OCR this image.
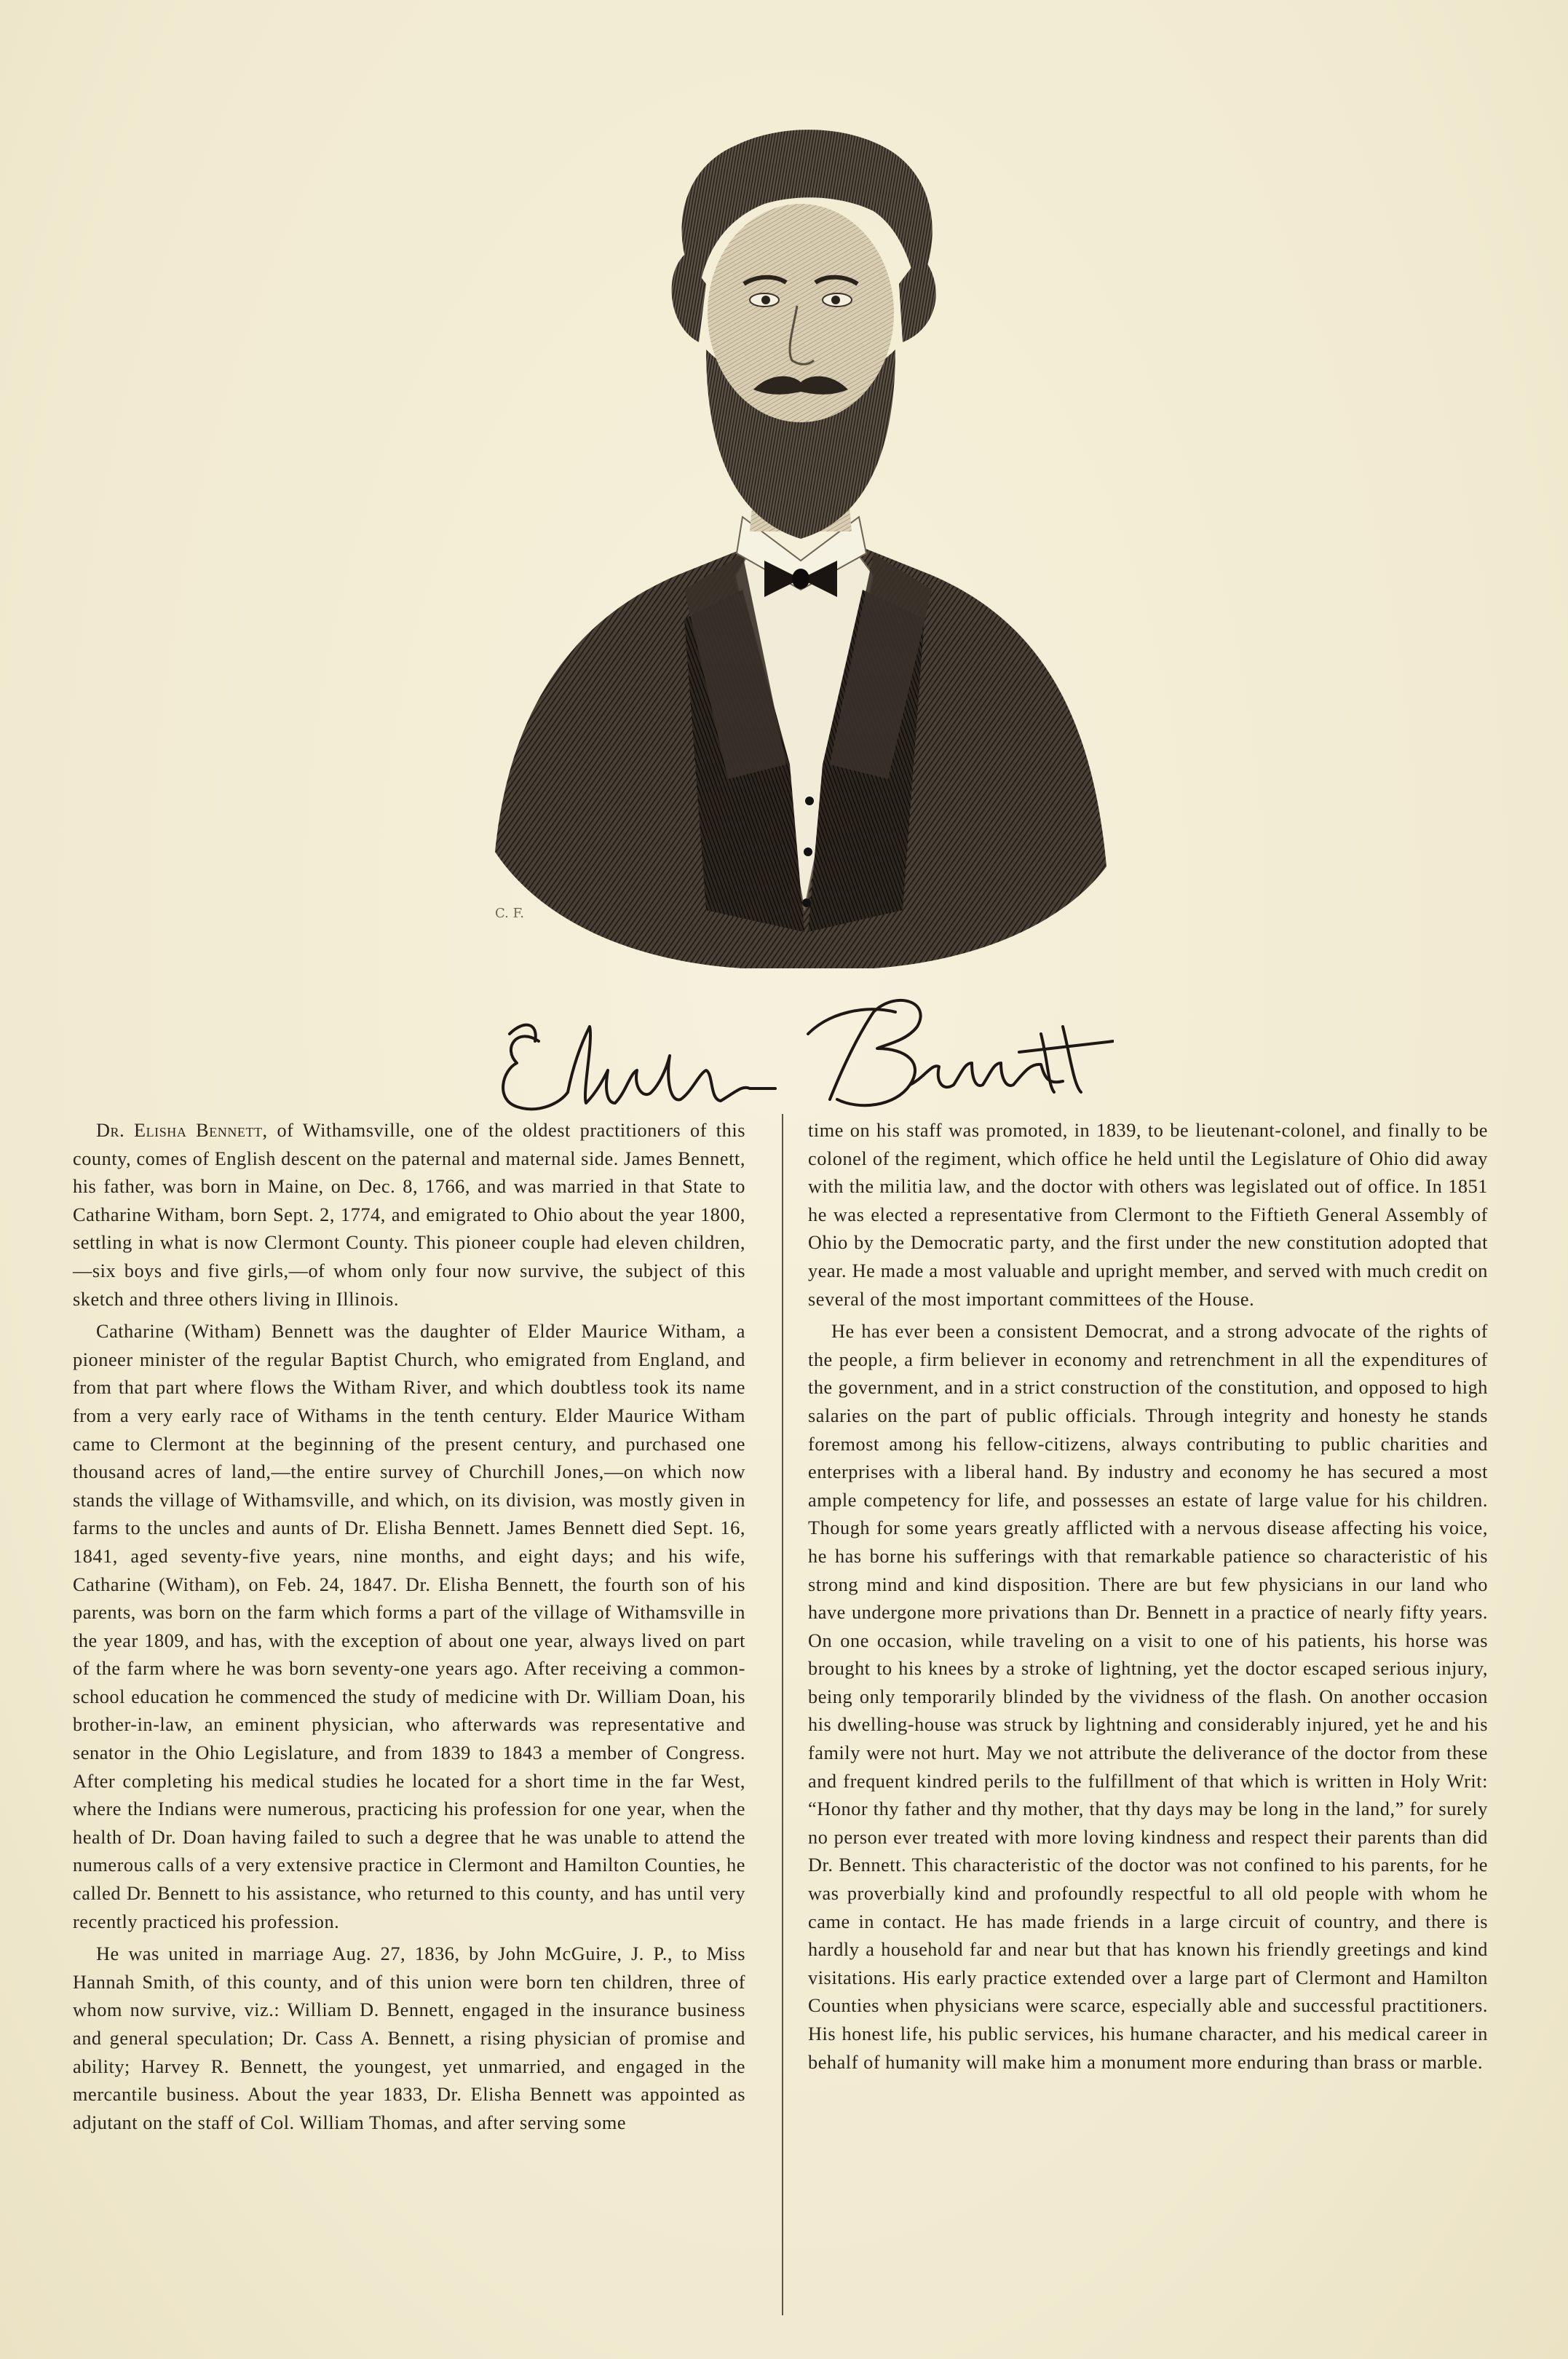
C. F.
Elisha Bennett

Dr. Elisha Bennett, of Withamsville, one of the oldest practitioners of this county, comes of English descent on the paternal and maternal side. James Bennett, his father, was born in Maine, on Dec. 8, 1766, and was married in that State to Catharine Witham, born Sept. 2, 1774, and emigrated to Ohio about the year 1800, settling in what is now Clermont County. This pioneer couple had eleven children,—six boys and five girls,—of whom only four now survive, the subject of this sketch and three others living in Illinois.

Catharine (Witham) Bennett was the daughter of Elder Maurice Witham, a pioneer minister of the regular Baptist Church, who emigrated from England, and from that part where flows the Witham River, and which doubtless took its name from a very early race of Withams in the tenth century. Elder Maurice Witham came to Clermont at the beginning of the present century, and purchased one thousand acres of land,—the entire survey of Churchill Jones,—on which now stands the village of Withamsville, and which, on its division, was mostly given in farms to the uncles and aunts of Dr. Elisha Bennett. James Bennett died Sept. 16, 1841, aged seventy-five years, nine months, and eight days; and his wife, Catharine (Witham), on Feb. 24, 1847. Dr. Elisha Bennett, the fourth son of his parents, was born on the farm which forms a part of the village of Withamsville in the year 1809, and has, with the exception of about one year, always lived on part of the farm where he was born seventy-one years ago. After receiving a common-school education he commenced the study of medicine with Dr. William Doan, his brother-in-law, an eminent physician, who afterwards was representative and senator in the Ohio Legislature, and from 1839 to 1843 a member of Congress. After completing his medical studies he located for a short time in the far West, where the Indians were numerous, practicing his profession for one year, when the health of Dr. Doan having failed to such a degree that he was unable to attend the numerous calls of a very extensive practice in Clermont and Hamilton Counties, he called Dr. Bennett to his assistance, who returned to this county, and has until very recently practiced his profession.

He was united in marriage Aug. 27, 1836, by John McGuire, J. P., to Miss Hannah Smith, of this county, and of this union were born ten children, three of whom now survive, viz.: William D. Bennett, engaged in the insurance business and general speculation; Dr. Cass A. Bennett, a rising physician of promise and ability; Harvey R. Bennett, the youngest, yet unmarried, and engaged in the mercantile business. About the year 1833, Dr. Elisha Bennett was appointed as adjutant on the staff of Col. William Thomas, and after serving some

time on his staff was promoted, in 1839, to be lieutenant-colonel, and finally to be colonel of the regiment, which office he held until the Legislature of Ohio did away with the militia law, and the doctor with others was legislated out of office. In 1851 he was elected a representative from Clermont to the Fiftieth General Assembly of Ohio by the Democratic party, and the first under the new constitution adopted that year. He made a most valuable and upright member, and served with much credit on several of the most important committees of the House.

He has ever been a consistent Democrat, and a strong advocate of the rights of the people, a firm believer in economy and retrenchment in all the expenditures of the government, and in a strict construction of the constitution, and opposed to high salaries on the part of public officials. Through integrity and honesty he stands foremost among his fellow-citizens, always contributing to public charities and enterprises with a liberal hand. By industry and economy he has secured a most ample competency for life, and possesses an estate of large value for his children. Though for some years greatly afflicted with a nervous disease affecting his voice, he has borne his sufferings with that remarkable patience so characteristic of his strong mind and kind disposition. There are but few physicians in our land who have undergone more privations than Dr. Bennett in a practice of nearly fifty years. On one occasion, while traveling on a visit to one of his patients, his horse was brought to his knees by a stroke of lightning, yet the doctor escaped serious injury, being only temporarily blinded by the vividness of the flash. On another occasion his dwelling-house was struck by lightning and considerably injured, yet he and his family were not hurt. May we not attribute the deliverance of the doctor from these and frequent kindred perils to the fulfillment of that which is written in Holy Writ: “Honor thy father and thy mother, that thy days may be long in the land,” for surely no person ever treated with more loving kindness and respect their parents than did Dr. Bennett. This characteristic of the doctor was not confined to his parents, for he was proverbially kind and profoundly respectful to all old people with whom he came in contact. He has made friends in a large circuit of country, and there is hardly a household far and near but that has known his friendly greetings and kind visitations. His early practice extended over a large part of Clermont and Hamilton Counties when physicians were scarce, especially able and successful practitioners. His honest life, his public services, his humane character, and his medical career in behalf of humanity will make him a monument more enduring than brass or marble.
